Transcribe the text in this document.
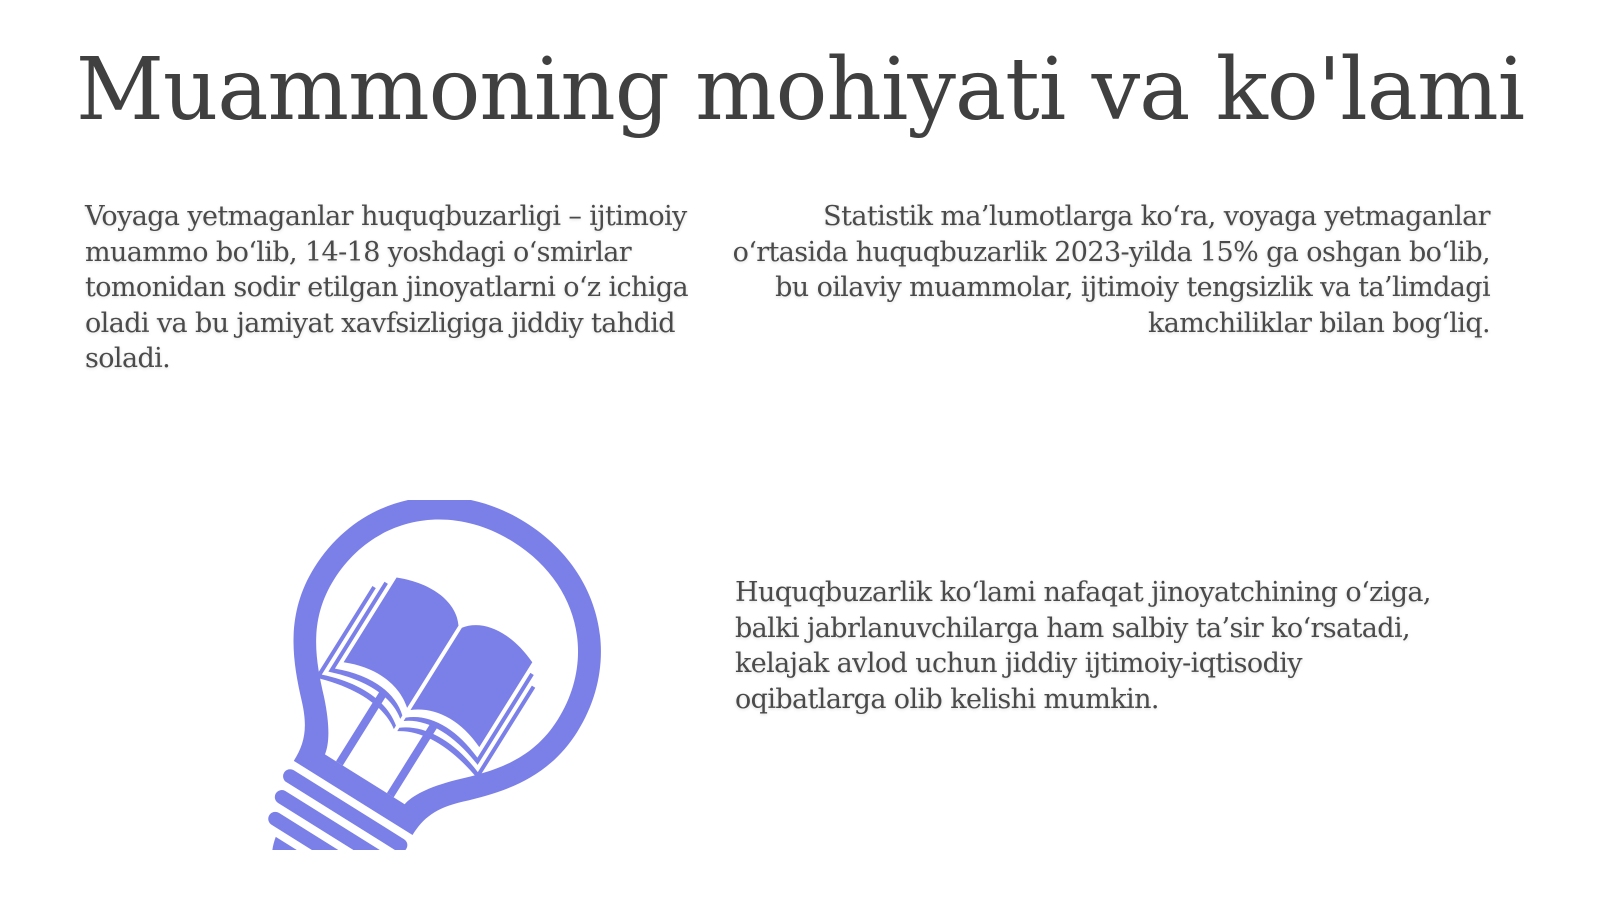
Muammoning mohiyati va ko'lami

Voyaga yetmaganlar huquqbuzarligi – ijtimoiy muammo bo‘lib, 14-18 yoshdagi o‘smirlar tomonidan sodir etilgan jinoyatlarni o‘z ichiga oladi va bu jamiyat xavfsizligiga jiddiy tahdid soladi.

Statistik ma’lumotlarga ko‘ra, voyaga yetmaganlar o‘rtasida huquqbuzarlik 2023-yilda 15% ga oshgan bo‘lib, bu oilaviy muammolar, ijtimoiy tengsizlik va ta’limdagi kamchiliklar bilan bog‘liq.

Huquqbuzarlik ko‘lami nafaqat jinoyatchining o‘ziga, balki jabrlanuvchilarga ham salbiy ta’sir ko‘rsatadi, kelajak avlod uchun jiddiy ijtimoiy-iqtisodiy oqibatlarga olib kelishi mumkin.
